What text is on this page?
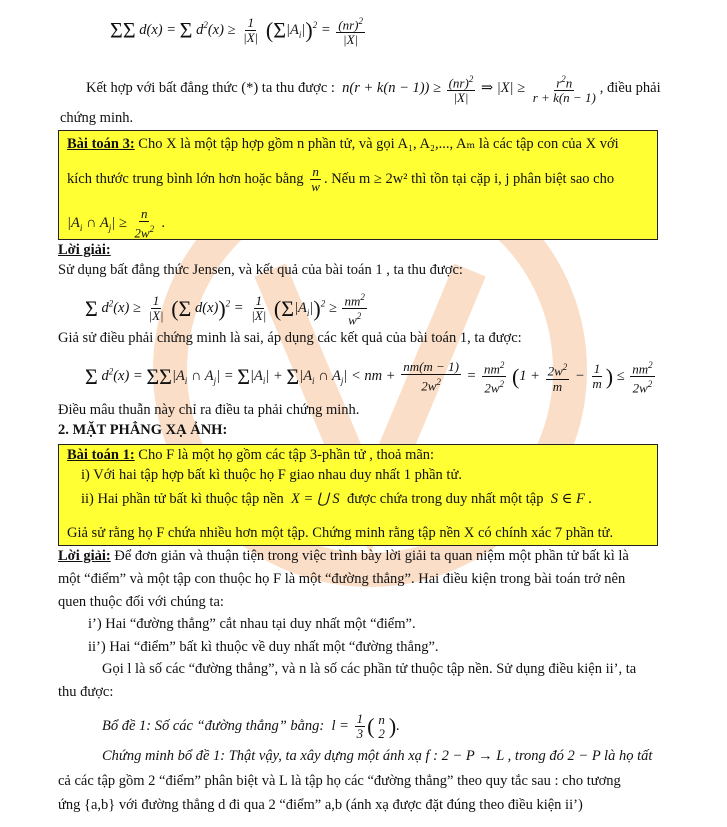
ΣΣ d(x) = Σ $d^2(x) \ge \frac{1}{|X|} (\Sigma|A_i|)^2 = \frac{(nr)^2}{|X|}$
Kết hợp với bất đẳng thức (*) ta thu được :  $n(r + k(n - 1)) \ge \frac{(nr)^2}{|X|}$ ⇒ $|X| \ge \frac{r^2n}{r + k(n - 1)}$ , điều phải
chứng minh.
Bài toán 3: Cho X là một tập hợp gồm n phần tử, và gọi A₁, A₂,..., Aₘ là các tập con của X với
kích thước trung bình lớn hơn hoặc bằng $\frac{n}{w}$ . Nếu m ≥ 2w² thì tồn tại cặp i, j phân biệt sao cho
$|A_i$ ∩ $A_j| \ge \frac{n}{2w^2}$ .
Lời giải:
Sử dụng bất đẳng thức Jensen, và kết quả của bài toán 1 , ta thu được:
Σ $d^2(x) \ge \frac{1}{|X|} (\Sigma$ $d(x))^2 = \frac{1}{|X|} (\Sigma|A_i|)^2 \ge \frac{nm^2}{w^2}$
Giả sử điều phải chứng minh là sai, áp dụng các kết quả của bài toán 1, ta được:
Σ $d^2(x) = \Sigma\Sigma|A_i$ ∩ $A_j| = \Sigma|A_i| + \Sigma|A_i$ ∩ $A_j|$ < nm + $\frac{nm(m - 1)}{2w^2} = \frac{nm^2}{2w^2} (1 + \frac{2w^2}{m} - \frac{1}{m}$ ) ≤ $\frac{nm^2}{2w^2}$
Điều mâu thuẫn này chỉ ra điều ta phải chứng minh.
2. MẶT PHẲNG XẠ ẢNH:
Bài toán 1: Cho F là một họ gồm các tập 3-phần tử , thoả mãn:
i) Với hai tập hợp bất kì thuộc họ F giao nhau duy nhất 1 phần tử.
ii) Hai phần tử bất kì thuộc tập nền  X = ⋃ S  được chứa trong duy nhất một tập  S ∈ F .
Giả sử rằng họ F chứa nhiều hơn một tập. Chứng minh rằng tập nền X có chính xác 7 phần tử.
Lời giải: Để đơn giản và thuận tiện trong việc trình bày lời giải ta quan niệm một phần tử bất kì là
một “điểm” và một tập con thuộc họ F là một “đường thẳng”. Hai điều kiện trong bài toán trở nên
quen thuộc đối với chúng ta:
i’) Hai “đường thẳng” cắt nhau tại duy nhất một “điểm”.
ii’) Hai “điểm” bất kì thuộc về duy nhất một “đường thẳng”.
Gọi l là số các “đường thẳng”, và n là số các phần tử thuộc tập nền. Sử dụng điều kiện ii’, ta
thu được:
Bổ đề 1: Số các “đường thẳng” bằng:  $l = \frac{1}{3}$ ( n
2 ).
Chứng minh bổ đề 1: Thật vậy, ta xây dựng một ánh xạ f : 2 − P → L , trong đó 2 − P là họ tất
cả các tập gồm 2 “điểm” phân biệt và L là tập họ các “đường thẳng” theo quy tắc sau : cho tương
ứng {a,b} với đường thẳng d đi qua 2 “điểm” a,b (ánh xạ được đặt đúng theo điều kiện ii’)
